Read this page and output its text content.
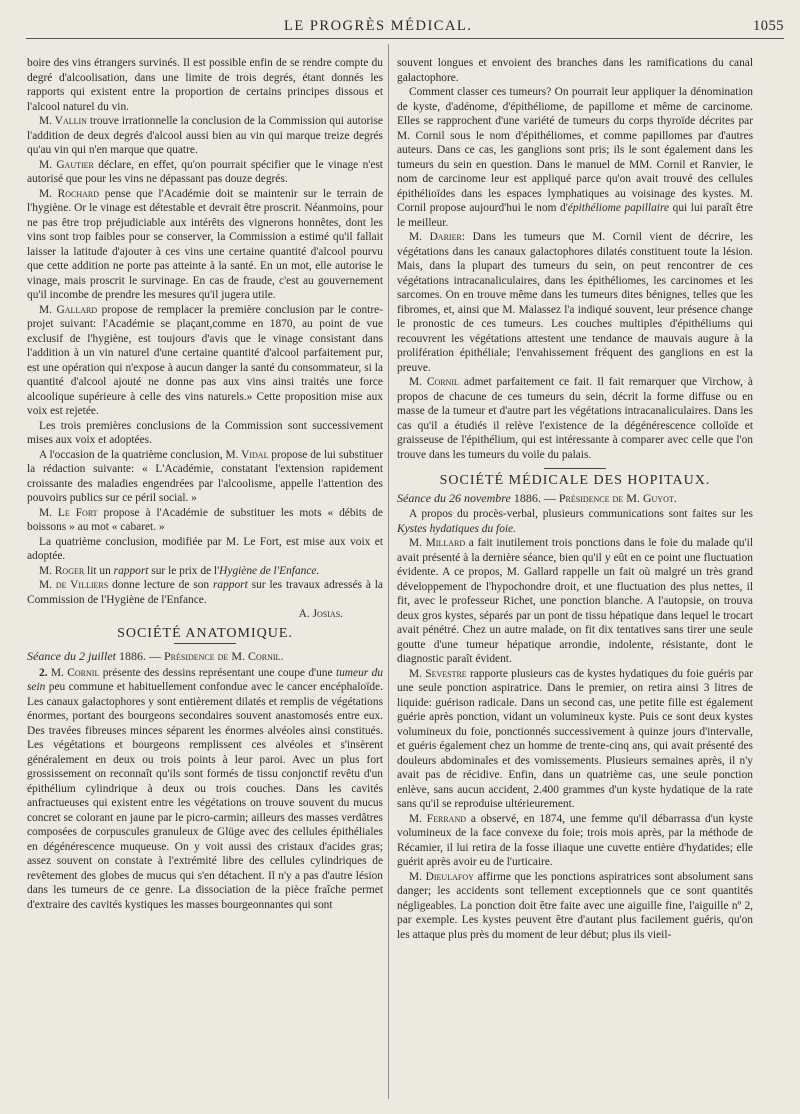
LE PROGRÈS MÉDICAL.	1055

boire des vins étrangers survinés. Il est possible enfin de se rendre compte du degré d'alcoolisation, dans une limite de trois degrés, étant donnés les rapports qui existent entre la proportion de certains principes dissous et l'alcool naturel du vin.

M. Vallin trouve irrationnelle la conclusion de la Commission qui autorise l'addition de deux degrés d'alcool aussi bien au vin qui marque treize degrés qu'au vin qui n'en marque que quatre.

M. Gautier déclare, en effet, qu'on pourrait spécifier que le vinage n'est autorisé que pour les vins ne dépassant pas douze degrés.

M. Rochard pense que l'Académie doit se maintenir sur le terrain de l'hygiène. Or le vinage est détestable et devrait être proscrit. Néanmoins, pour ne pas être trop préjudiciable aux intérêts des vignerons honnêtes, dont les vins sont trop faibles pour se conserver, la Commission a estimé qu'il fallait laisser la latitude d'ajouter à ces vins une certaine quantité d'alcool pourvu que cette addition ne porte pas atteinte à la santé. En un mot, elle autorise le vinage, mais proscrit le survinage. En cas de fraude, c'est au gouvernement qu'il incombe de prendre les mesures qu'il jugera utile.

M. Gallard propose de remplacer la première conclusion par le contre-projet suivant: l'Académie se plaçant,comme en 1870, au point de vue exclusif de l'hygiène, est toujours d'avis que le vinage consistant dans l'addition à un vin naturel d'une certaine quantité d'alcool parfaitement pur, est une opération qui n'expose à aucun danger la santé du consommateur, si la quantité d'alcool ajouté ne donne pas aux vins ainsi traités une force alcoolique supérieure à celle des vins naturels.» Cette proposition mise aux voix est rejetée.

Les trois premières conclusions de la Commission sont successivement mises aux voix et adoptées.

A l'occasion de la quatrième conclusion, M. Vidal propose de lui substituer la rédaction suivante: « L'Académie, constatant l'extension rapidement croissante des maladies engendrées par l'alcoolisme, appelle l'attention des pouvoirs publics sur ce péril social. »

M. Le Fort propose à l'Académie de substituer les mots « débits de boissons » au mot « cabaret. »

La quatrième conclusion, modifiée par M. Le Fort, est mise aux voix et adoptée.

M. Roger lit un rapport sur le prix de l'Hygiène de l'Enfance.

M. de Villiers donne lecture de son rapport sur les travaux adressés à la Commission de l'Hygiène de l'Enfance.

A. Josias.

SOCIÉTÉ ANATOMIQUE.

Séance du 2 juillet 1886. — Présidence de M. Cornil.

2. M. Cornil présente des dessins représentant une coupe d'une tumeur du sein peu commune et habituellement confondue avec le cancer encéphaloïde. Les canaux galactophores y sont entièrement dilatés et remplis de végétations énormes, portant des bourgeons secondaires souvent anastomosés entre eux. Des travées fibreuses minces séparent les énormes alvéoles ainsi constitués. Les végétations et bourgeons remplissent ces alvéoles et s'insèrent généralement en deux ou trois points à leur paroi. Avec un plus fort grossissement on reconnaît qu'ils sont formés de tissu conjonctif revêtu d'un épithélium cylindrique à deux ou trois couches. Dans les cavités anfractueuses qui existent entre les végétations on trouve souvent du mucus concret se colorant en jaune par le picro-carmin; ailleurs des masses verdâtres composées de corpuscules granuleux de Glüge avec des cellules épithéliales en dégénérescence muqueuse. On y voit aussi des cristaux d'acides gras; assez souvent on constate à l'extrémité libre des cellules cylindriques de revêtement des globes de mucus qui s'en détachent. Il n'y a pas d'autre lésion dans les tumeurs de ce genre. La dissociation de la pièce fraîche permet d'extraire des cavités kystiques les masses bourgeonnantes qui sont

souvent longues et envoient des branches dans les ramifications du canal galactophore.

Comment classer ces tumeurs? On pourrait leur appliquer la dénomination de kyste, d'adénome, d'épithéliome, de papillome et même de carcinome. Elles se rapprochent d'une variété de tumeurs du corps thyroïde décrites par M. Cornil sous le nom d'épithéliomes, et comme papillomes par d'autres auteurs. Dans ce cas, les ganglions sont pris; ils le sont également dans les tumeurs du sein en question. Dans le manuel de MM. Cornil et Ranvier, le nom de carcinome leur est appliqué parce qu'on avait trouvé des cellules épithélioïdes dans les espaces lymphatiques au voisinage des kystes. M. Cornil propose aujourd'hui le nom d'épithéliome papillaire qui lui paraît être le meilleur.

M. Darier: Dans les tumeurs que M. Cornil vient de décrire, les végétations dans les canaux galactophores dilatés constituent toute la lésion. Mais, dans la plupart des tumeurs du sein, on peut rencontrer de ces végétations intracanaliculaires, dans les épithéliomes, les carcinomes et les sarcomes. On en trouve même dans les tumeurs dites bénignes, telles que les fibromes, et, ainsi que M. Malassez l'a indiqué souvent, leur présence change le pronostic de ces tumeurs. Les couches multiples d'épithéliums qui recouvrent les végétations attestent une tendance de mauvais augure à la prolifération épithéliale; l'envahissement fréquent des ganglions en est la preuve.

M. Cornil admet parfaitement ce fait. Il fait remarquer que Virchow, à propos de chacune de ces tumeurs du sein, décrit la forme diffuse ou en masse de la tumeur et d'autre part les végétations intracanaliculaires. Dans les cas qu'il a étudiés il relève l'existence de la dégénérescence colloïde et graisseuse de l'épithélium, qui est intéressante à comparer avec celle que l'on trouve dans les tumeurs du voile du palais.

SOCIÉTÉ MÉDICALE DES HOPITAUX.

Séance du 26 novembre 1886. — Présidence de M. Guyot.

A propos du procès-verbal, plusieurs communications sont faites sur les Kystes hydatiques du foie.

M. Millard a fait inutilement trois ponctions dans le foie du malade qu'il avait présenté à la dernière séance, bien qu'il y eût en ce point une fluctuation évidente. A ce propos, M. Gallard rappelle un fait où malgré un très grand développement de l'hypochondre droit, et une fluctuation des plus nettes, il fit, avec le professeur Richet, une ponction blanche. A l'autopsie, on trouva deux gros kystes, séparés par un pont de tissu hépatique dans lequel le trocart avait pénétré. Chez un autre malade, on fit dix tentatives sans tirer une seule goutte d'une tumeur hépatique arrondie, indolente, résistante, dont le diagnostic paraît évident.

M. Sevestre rapporte plusieurs cas de kystes hydatiques du foie guéris par une seule ponction aspiratrice. Dans le premier, on retira ainsi 3 litres de liquide: guérison radicale. Dans un second cas, une petite fille est également guérie après ponction, vidant un volumineux kyste. Puis ce sont deux kystes volumineux du foie, ponctionnés successivement à quinze jours d'intervalle, et guéris également chez un homme de trente-cinq ans, qui avait présenté des douleurs abdominales et des vomissements. Plusieurs semaines après, il n'y avait pas de récidive. Enfin, dans un quatrième cas, une seule ponction enlève, sans aucun accident, 2.400 grammes d'un kyste hydatique de la rate sans qu'il se reproduise ultérieurement.

M. Ferrand a observé, en 1874, une femme qu'il débarrassa d'un kyste volumineux de la face convexe du foie; trois mois après, par la méthode de Récamier, il lui retira de la fosse iliaque une cuvette entière d'hydatides; elle guérit après avoir eu de l'urticaire.

M. Dieulafoy affirme que les ponctions aspiratrices sont absolument sans danger; les accidents sont tellement exceptionnels que ce sont quantités négligeables. La ponction doit être faite avec une aiguille fine, l'aiguille nº 2, par exemple. Les kystes peuvent être d'autant plus facilement guéris, qu'on les attaque plus près du moment de leur début; plus ils vieil-
